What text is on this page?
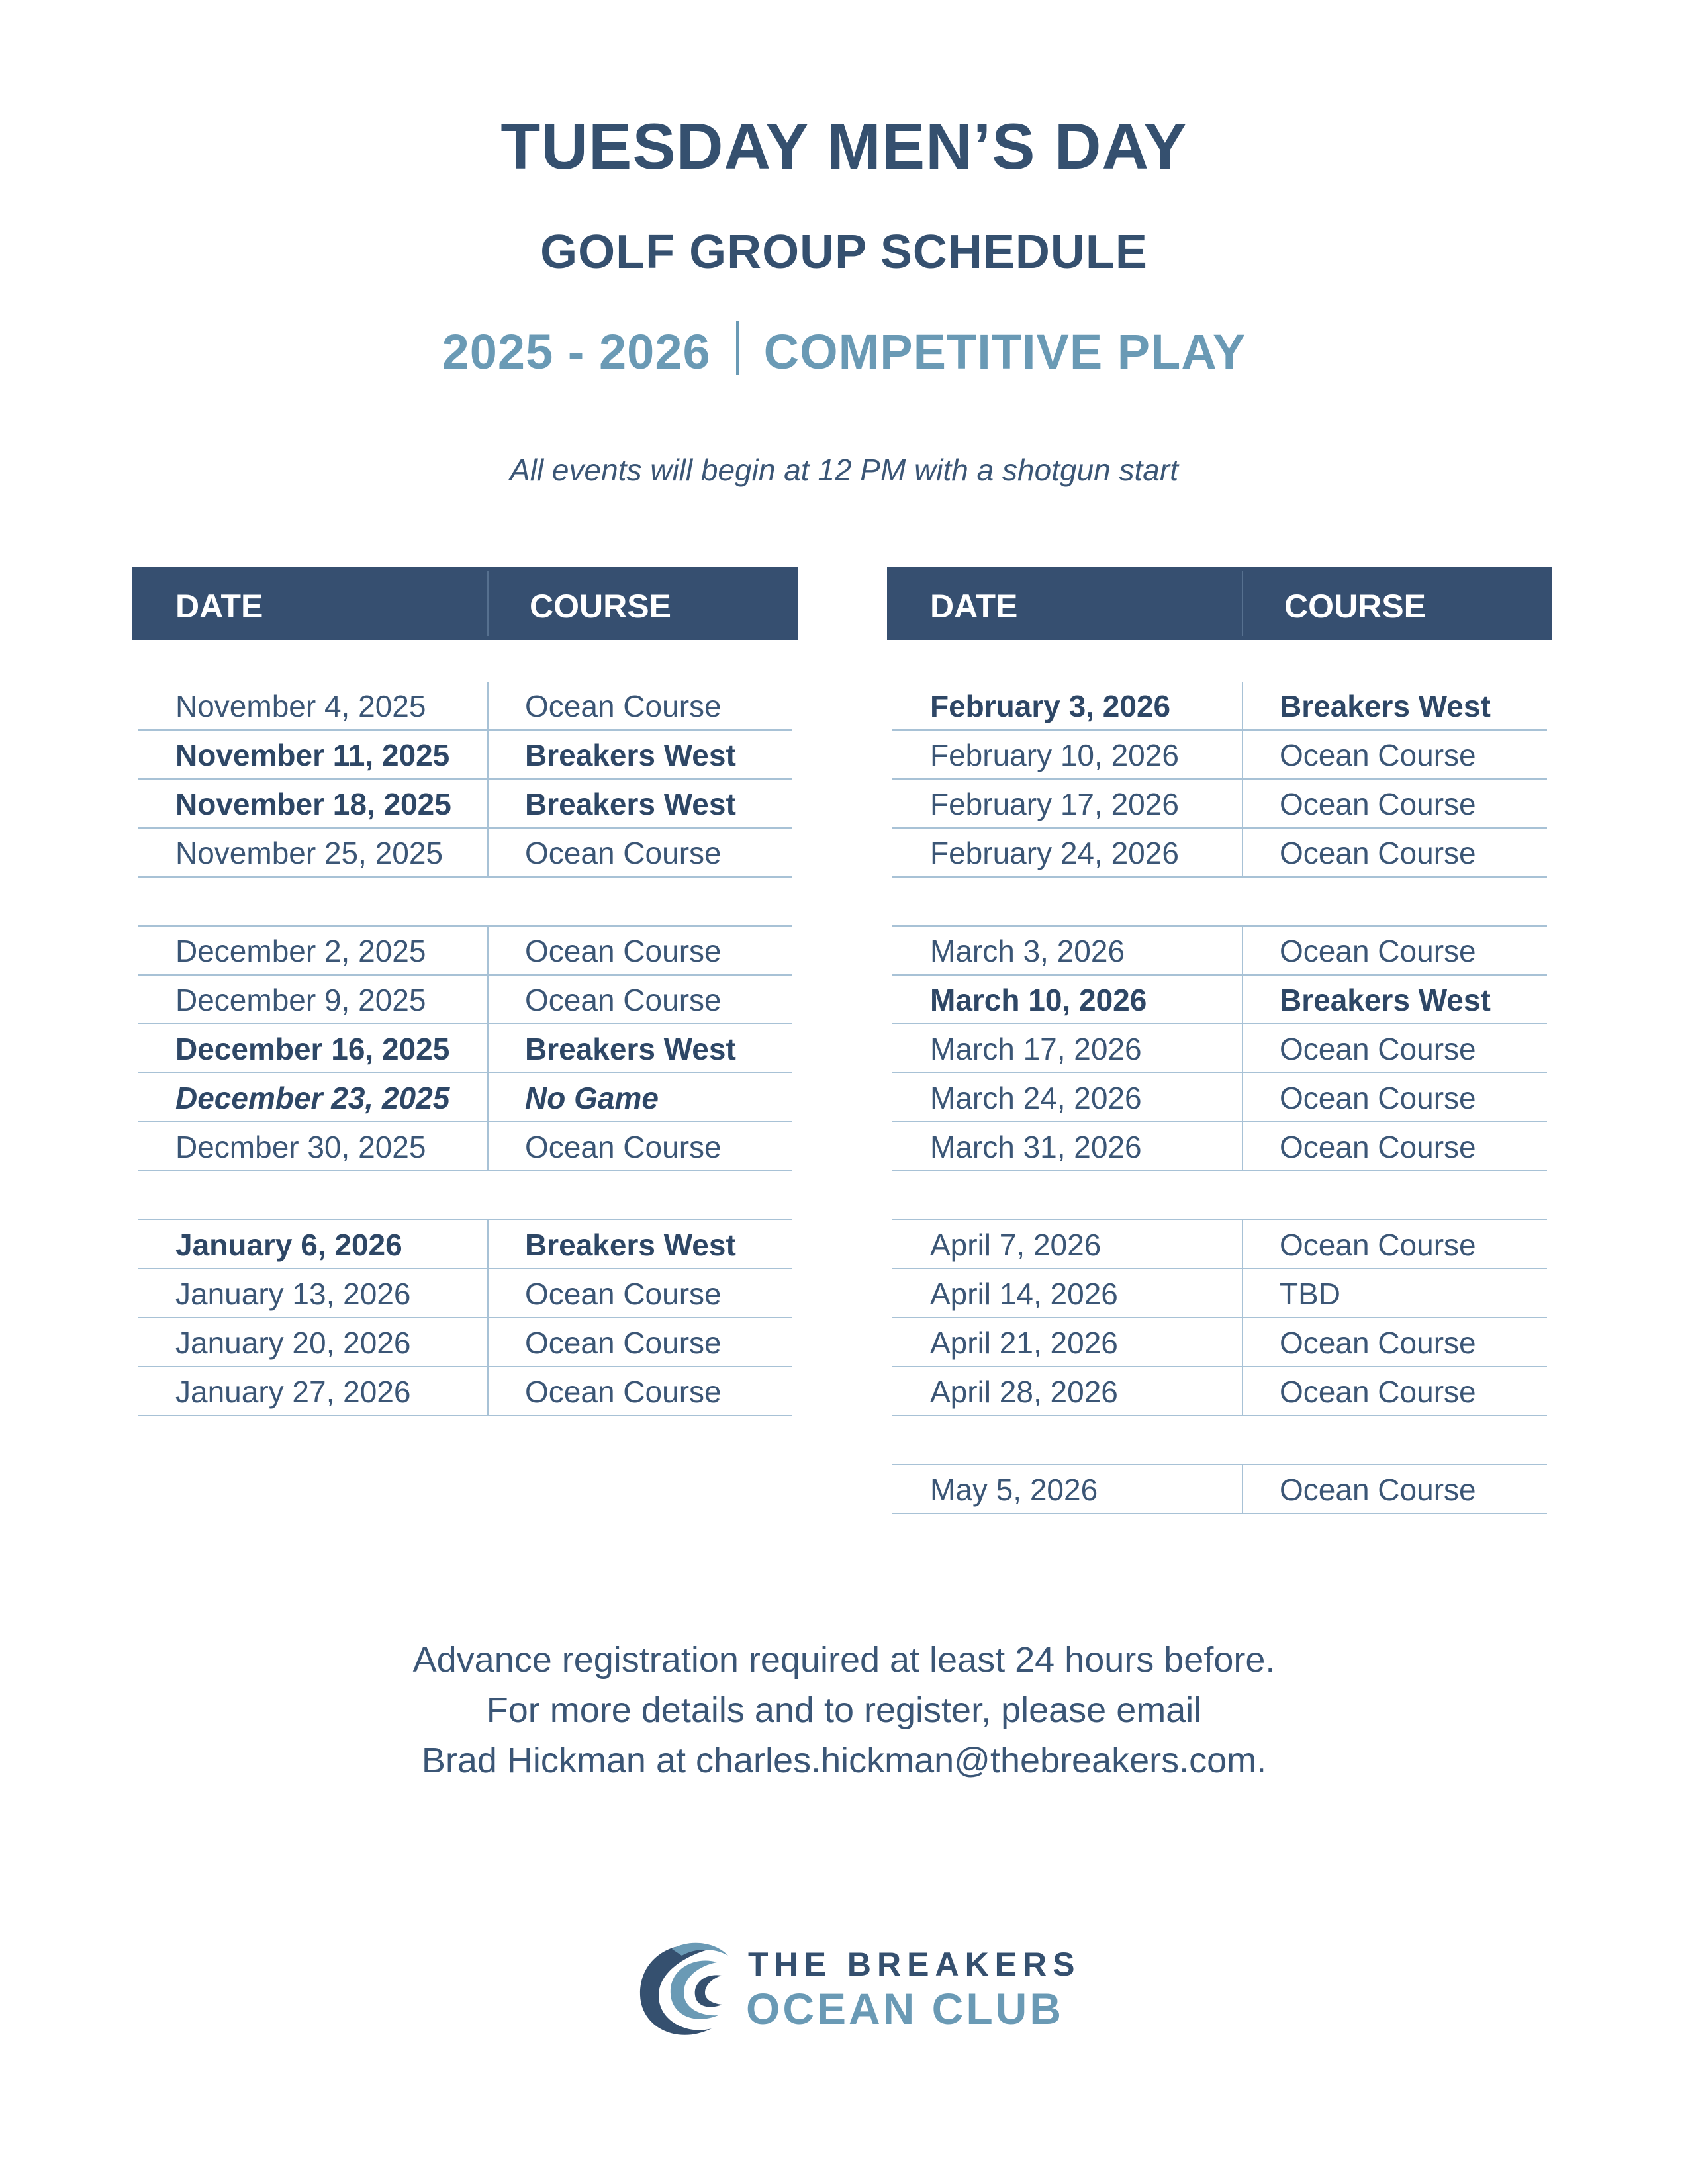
TUESDAY MEN’S DAY
GOLF GROUP SCHEDULE
2025 - 2026 COMPETITIVE PLAY
All events will begin at 12 PM with a shotgun start
DATE	COURSE
November 4, 2025	Ocean Course
November 11, 2025 Breakers West
November 18, 2025 Breakers West
November 25, 2025	Ocean Course
December 2, 2025	Ocean Course
December 9, 2025	Ocean Course
December 16, 2025 Breakers West
December 23, 2025 No Game
Decmber 30, 2025	Ocean Course
January 6, 2026	Breakers West
January 13, 2026	Ocean Course
January 20, 2026	Ocean Course
January 27, 2026	Ocean Course
DATE	COURSE
February 3, 2026	Breakers West
February 10, 2026	Ocean Course
February 17, 2026	Ocean Course
February 24, 2026	Ocean Course
March 3, 2026	Ocean Course
March 10, 2026	Breakers West
March 17, 2026	Ocean Course
March 24, 2026	Ocean Course
March 31, 2026	Ocean Course
April 7, 2026	Ocean Course
April 14, 2026	TBD
April 21, 2026	Ocean Course
April 28, 2026	Ocean Course
May 5, 2026	Ocean Course
Advance registration required at least 24 hours before.
For more details and to register, please email
Brad Hickman at charles.hickman@thebreakers.com.
THE BREAKERS
OCEAN CLUB
